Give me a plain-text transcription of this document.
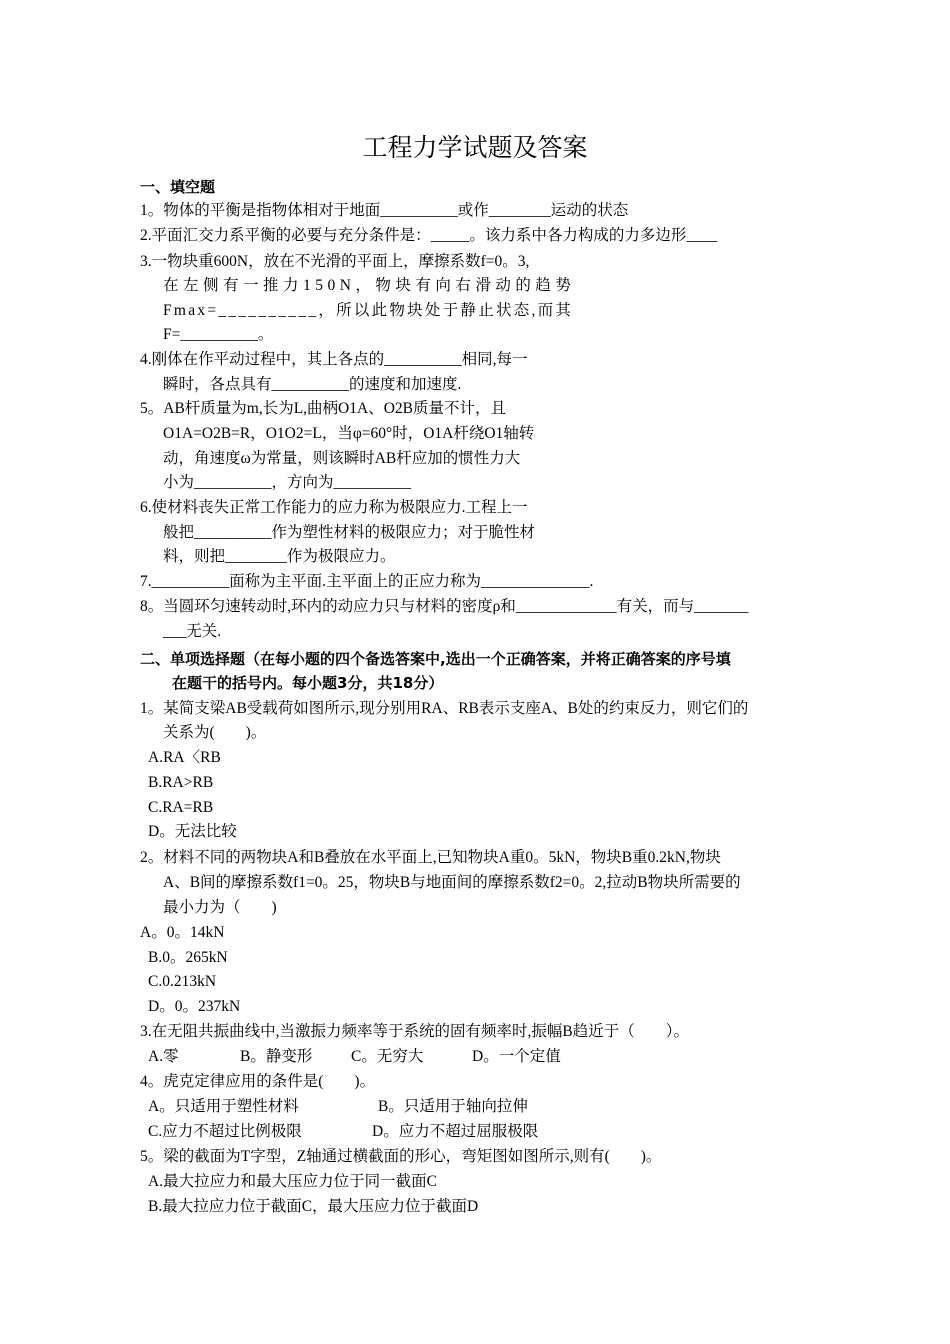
工程力学试题及答案
一、填空题
1。物体的平衡是指物体相对于地面__________或作________运动的状态
2.平面汇交力系平衡的必要与充分条件是：_____。该力系中各力构成的力多边形____
3.一物块重600N，放在不光滑的平面上，摩擦系数f=0。3,
在 左 侧 有 一 推 力 1 5 0 N ， 物 块 有 向 右 滑 动 的 趋 势
F m a x = _ _ _ _ _ _ _ _ _ _ ， 所 以 此 物 块 处 于 静 止 状 态 , 而 其
F=__________。
4.刚体在作平动过程中，其上各点的__________相同,每一
瞬时，各点具有__________的速度和加速度.
5。AB杆质量为m,长为L,曲柄O1A、O2B质量不计，且
O1A=O2B=R，O1O2=L，当φ=60°时，O1A杆绕O1轴转
动，角速度ω为常量，则该瞬时AB杆应加的惯性力大
小为__________，方向为__________
6.使材料丧失正常工作能力的应力称为极限应力.工程上一
般把__________作为塑性材料的极限应力；对于脆性材
料，则把________作为极限应力。
7.__________面称为主平面.主平面上的正应力称为______________.
8。当圆环匀速转动时,环内的动应力只与材料的密度ρ和_____________有关，而与_______
___无关.
二、单项选择题（在每小题的四个备选答案中,选出一个正确答案，并将正确答案的序号填
在题干的括号内。每小题3分，共18分）
1。某简支梁AB受载荷如图所示,现分别用RA、RB表示支座A、B处的约束反力，则它们的
关系为(　　)。
A.RA〈RB
B.RA>RB
C.RA=RB
D。无法比较
2。材料不同的两物块A和B叠放在水平面上,已知物块A重0。5kN，物块B重0.2kN,物块
A、B间的摩擦系数f1=0。25，物块B与地面间的摩擦系数f2=0。2,拉动B物块所需要的
最小力为（　　)
A。0。14kN
B.0。265kN
C.0.213kN
D。0。237kN
3.在无阻共振曲线中,当激振力频率等于系统的固有频率时,振幅B趋近于（　　）。
A.零	B。静变形 C。无穷大	D。一个定值
4。虎克定律应用的条件是(　　)。
A。只适用于塑性材料	B。只适用于轴向拉伸
C.应力不超过比例极限	D。应力不超过屈服极限
5。梁的截面为T字型，Z轴通过横截面的形心，弯矩图如图所示,则有(　　)。
A.最大拉应力和最大压应力位于同一截面C
B.最大拉应力位于截面C，最大压应力位于截面D
